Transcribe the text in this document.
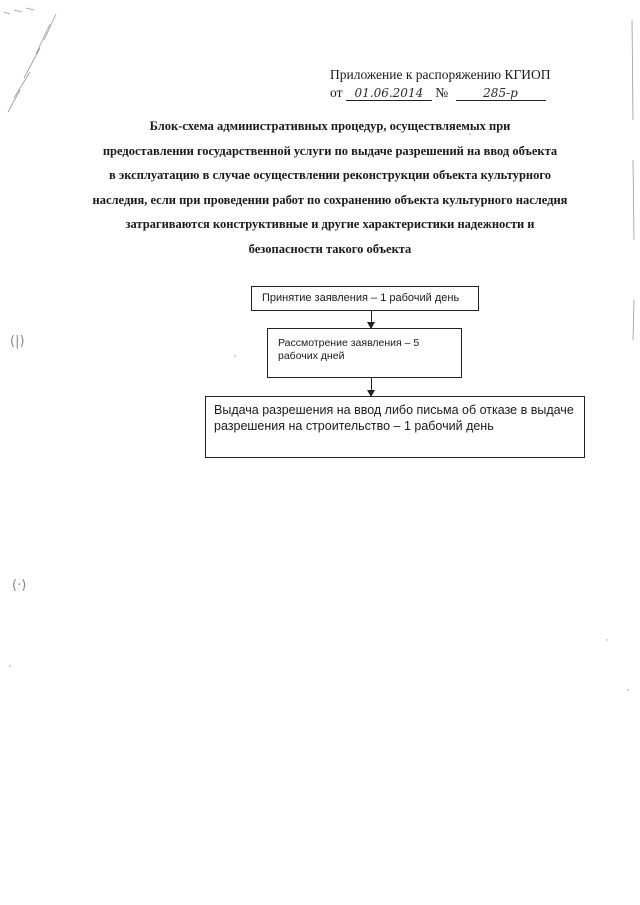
(|)
(·)
Приложение к распоряжению КГИОП
от 01.06.2014 №	285-р
Блок-схема административных процедур, осуществляемых при
предоставлении государственной услуги по выдаче разрешений на ввод объекта
в эксплуатацию в случае осуществлении реконструкции объекта культурного
наследия, если при проведении работ по сохранению объекта культурного наследия
затрагиваются конструктивные и другие характеристики надежности и
безопасности такого объекта
Принятие заявления – 1 рабочий день
Рассмотрение заявления – 5
рабочих дней
Выдача разрешения на ввод либо письма об отказе в выдаче
разрешения на строительство – 1 рабочий день
